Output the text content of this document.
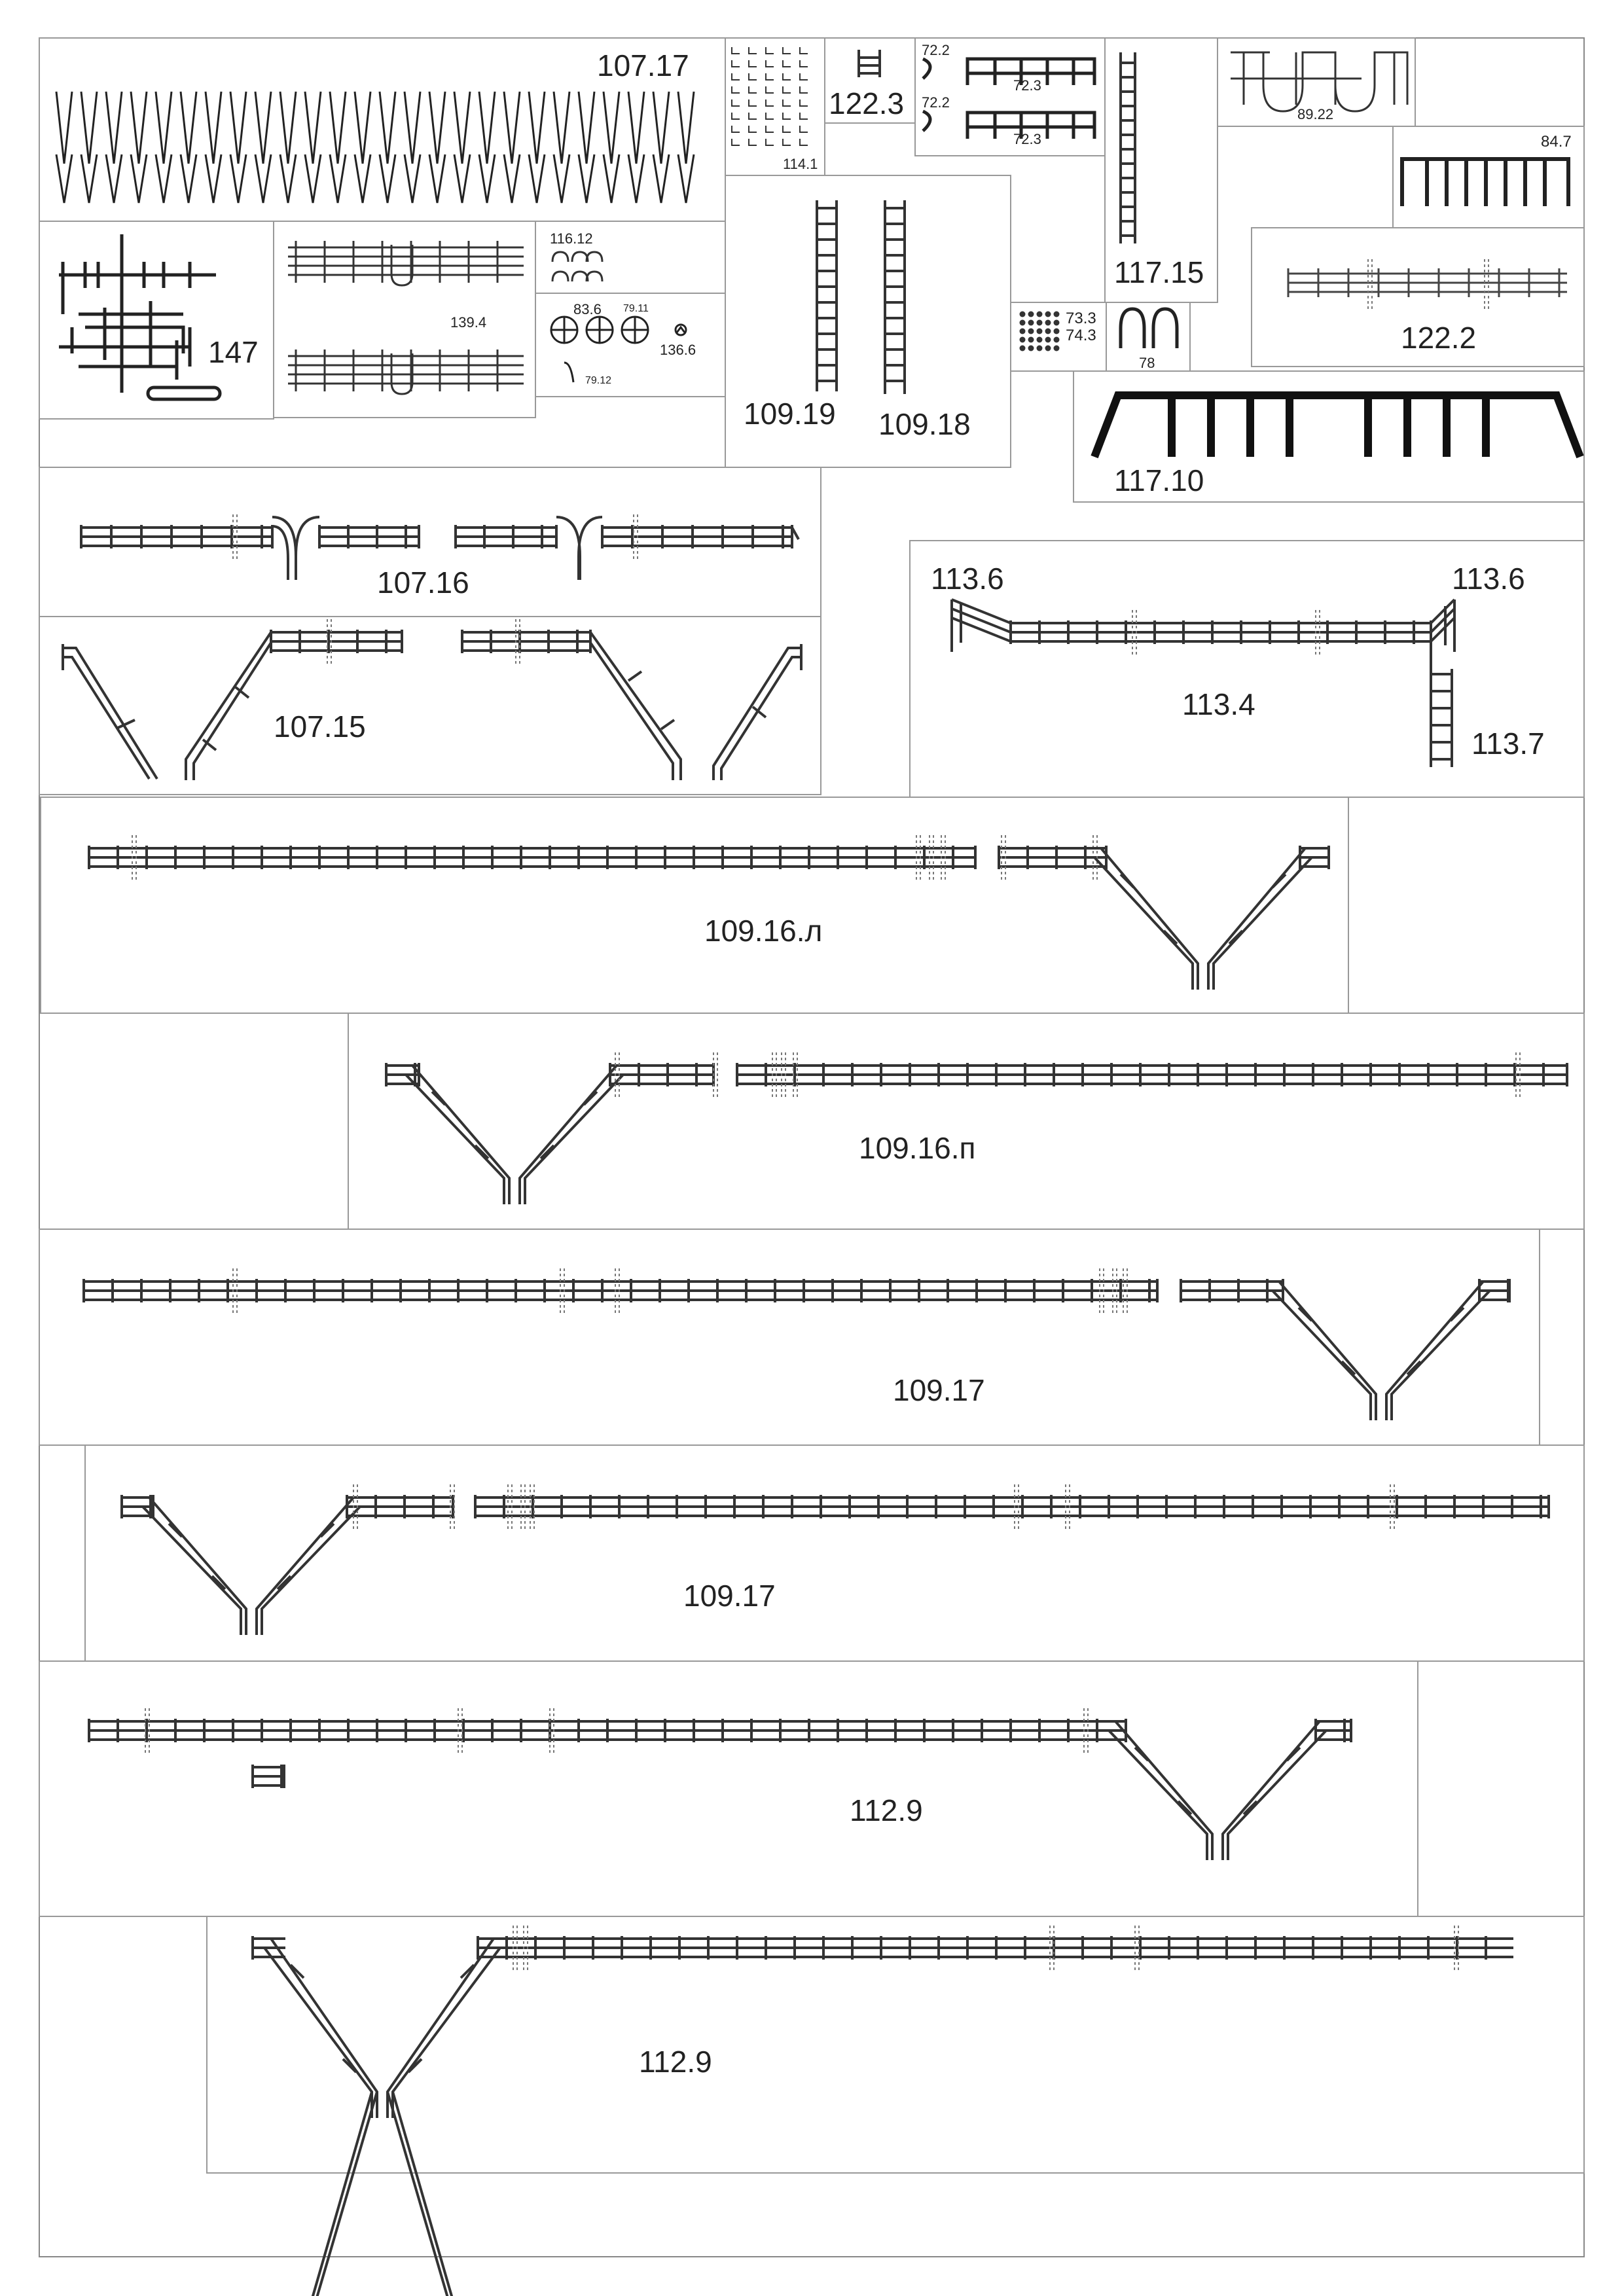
107.17
114.1
122.3
72.2
72.2
72.3
72.3
117.15
89.22
84.7
147
139.4
116.12
83.6 79.11
136.6
79.12
109.19 109.18
73.3
74.3
78
122.2
117.10
107.16
107.15
113.6	113.6
113.4
113.7
109.16.л
109.16.п
109.17
109.17
112.9
112.9
